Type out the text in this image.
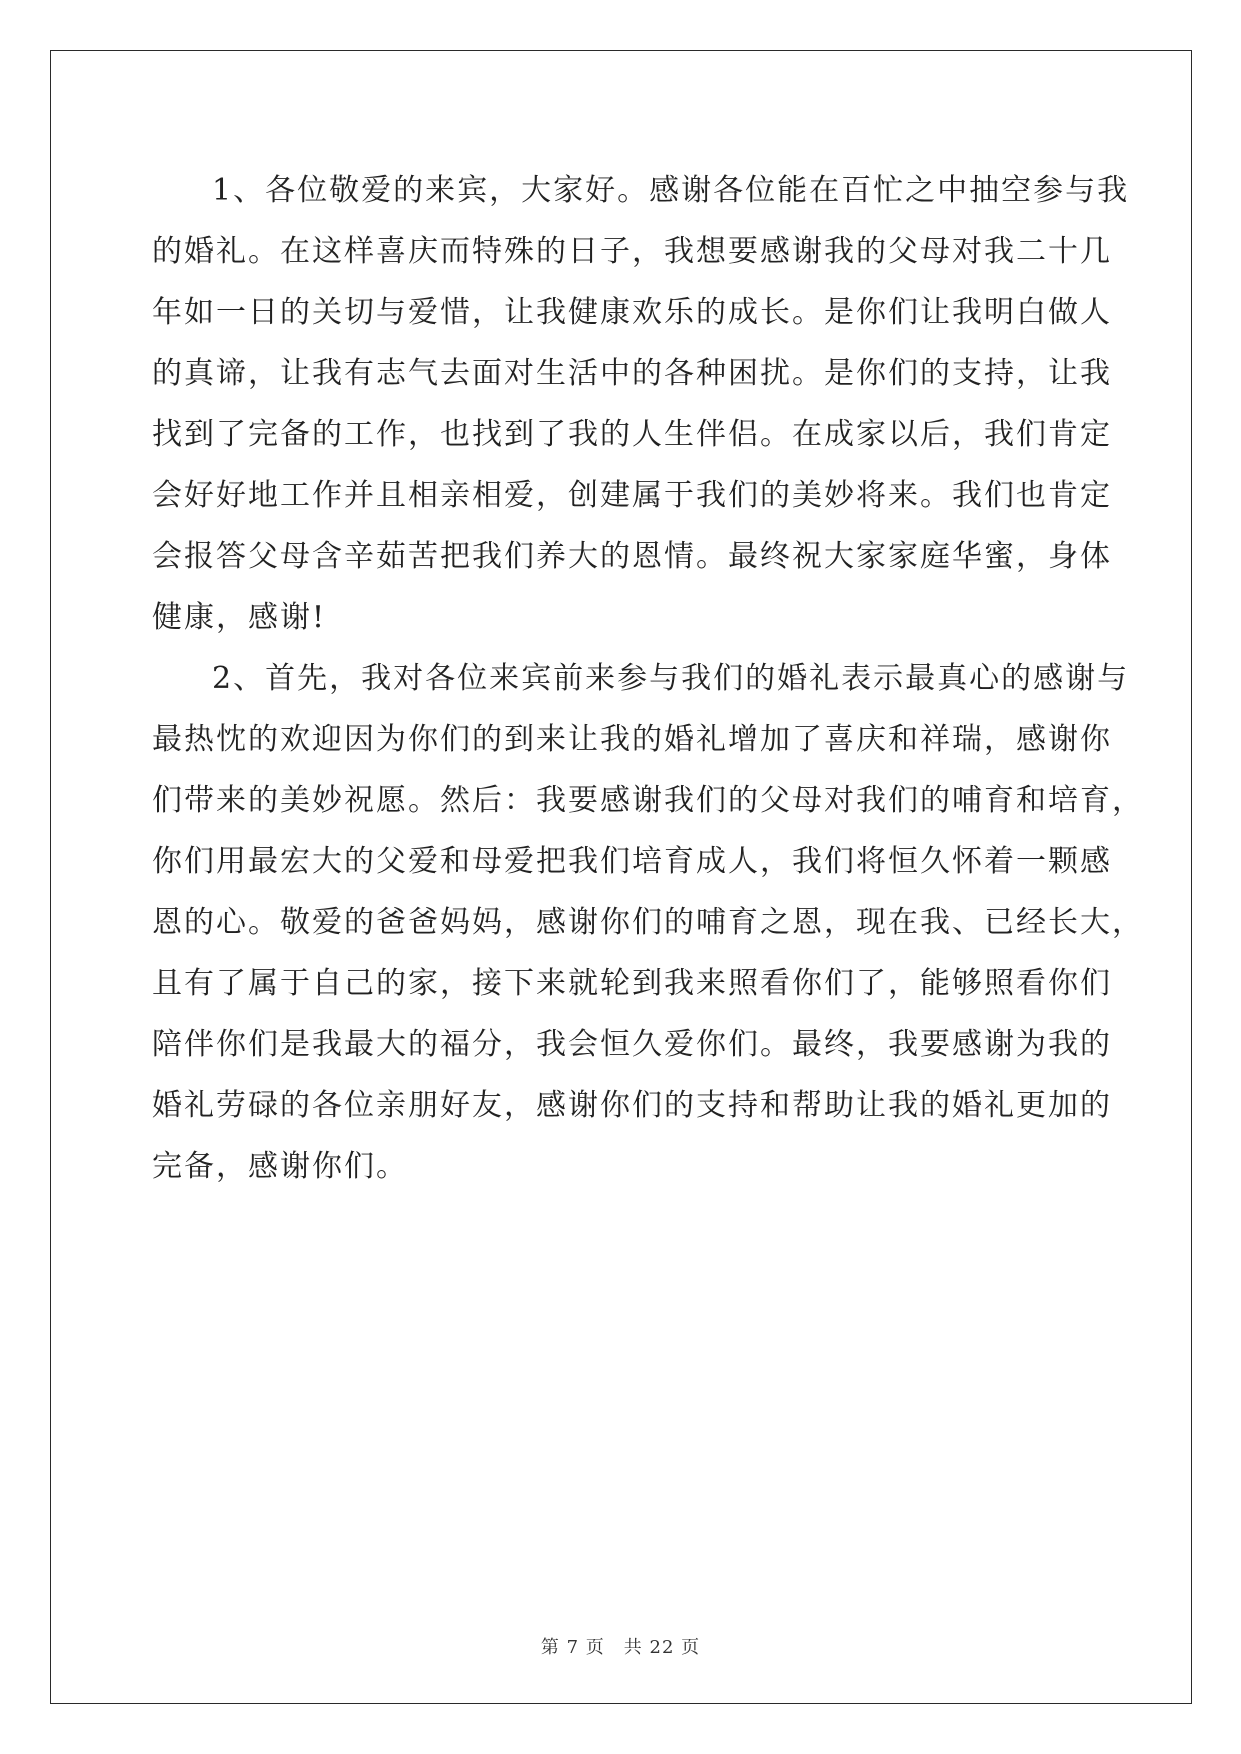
1、各位敬爱的来宾，大家好。感谢各位能在百忙之中抽空参与我
的婚礼。在这样喜庆而特殊的日子，我想要感谢我的父母对我二十几
年如一日的关切与爱惜，让我健康欢乐的成长。是你们让我明白做人
的真谛，让我有志气去面对生活中的各种困扰。是你们的支持，让我
找到了完备的工作，也找到了我的人生伴侣。在成家以后，我们肯定
会好好地工作并且相亲相爱，创建属于我们的美妙将来。我们也肯定
会报答父母含辛茹苦把我们养大的恩情。最终祝大家家庭华蜜，身体
健康，感谢!

2、首先，我对各位来宾前来参与我们的婚礼表示最真心的感谢与
最热忱的欢迎因为你们的到来让我的婚礼增加了喜庆和祥瑞，感谢你
们带来的美妙祝愿。然后：我要感谢我们的父母对我们的哺育和培育，
你们用最宏大的父爱和母爱把我们培育成人，我们将恒久怀着一颗感
恩的心。敬爱的爸爸妈妈，感谢你们的哺育之恩，现在我、已经长大，
且有了属于自己的家，接下来就轮到我来照看你们了，能够照看你们
陪伴你们是我最大的福分，我会恒久爱你们。最终，我要感谢为我的
婚礼劳碌的各位亲朋好友，感谢你们的支持和帮助让我的婚礼更加的
完备，感谢你们。

第 7 页　共 22 页
